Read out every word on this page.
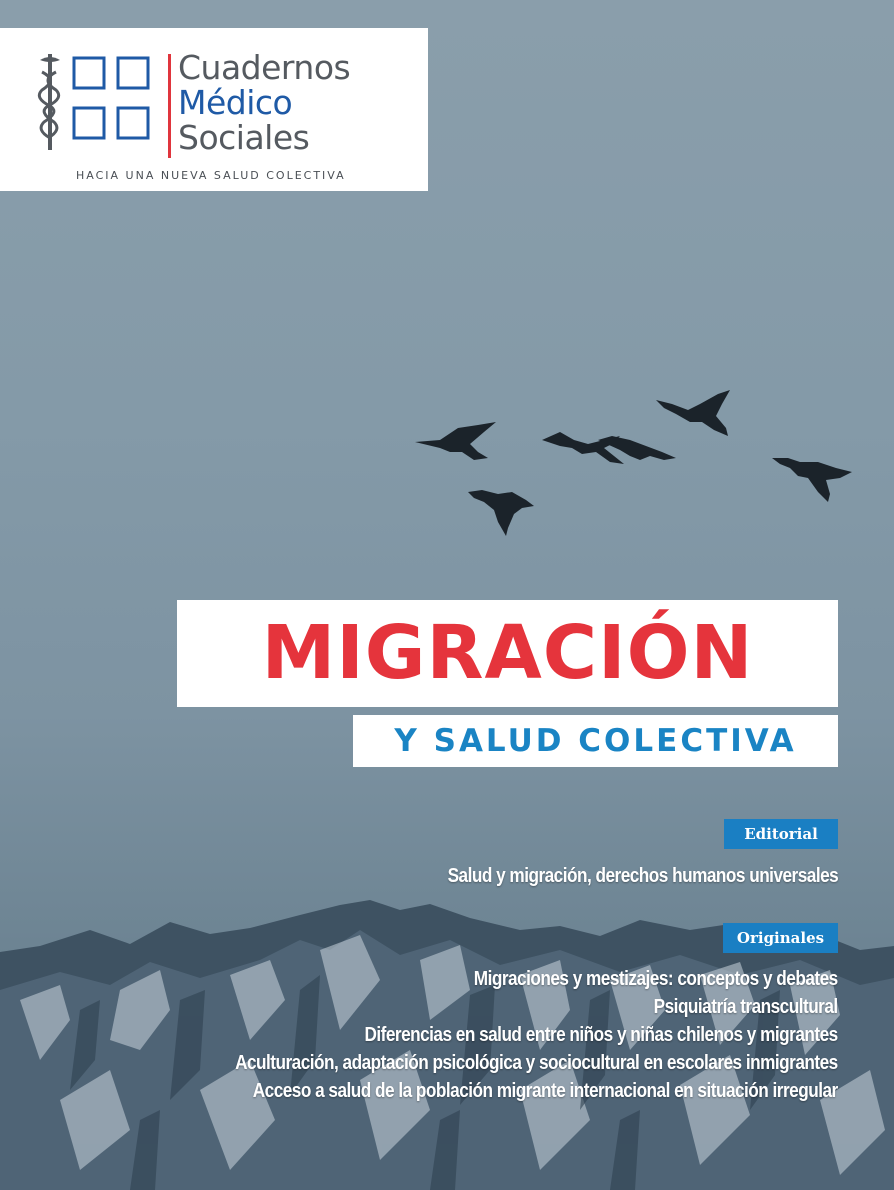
Cuadernos
Médico
Sociales
HACIA UNA NUEVA SALUD COLECTIVA
MIGRACIÓN
Y SALUD COLECTIVA
Editorial
Salud y migración, derechos humanos universales
Originales
Migraciones y mestizajes: conceptos y debates
Psiquiatría transcultural
Diferencias en salud entre niños y niñas chilenos y migrantes
Aculturación, adaptación psicológica y sociocultural en escolares inmigrantes
Acceso a salud de la población migrante internacional en situación irregular
